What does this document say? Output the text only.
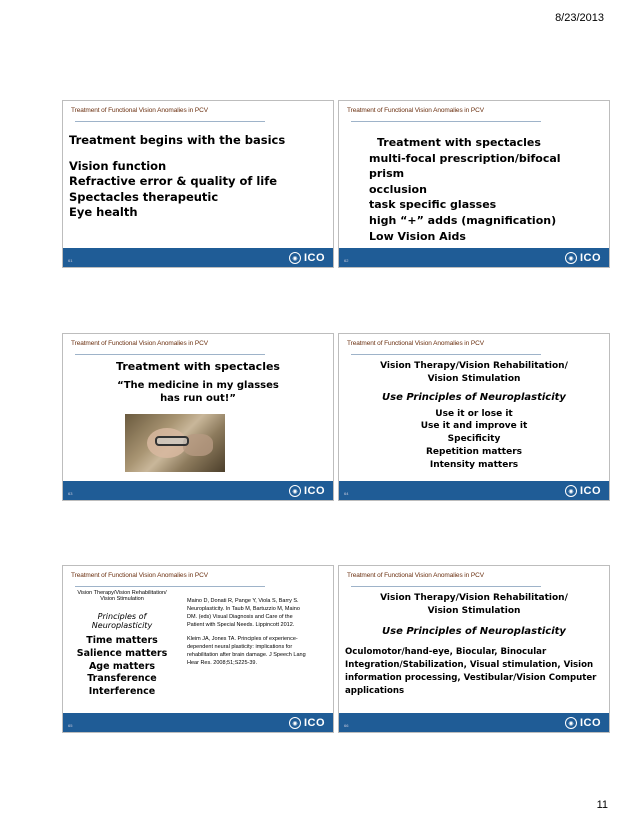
8/23/2013
Treatment of Functional Vision Anomalies in PCV
Treatment begins with the basics
Vision function
Refractive error & quality of life
Spectacles therapeutic
Eye health
61	◉ ICO
Treatment of Functional Vision Anomalies in PCV
Treatment with spectacles
multi-focal prescription/bifocal
prism
occlusion
task specific glasses
high “+” adds (magnification)
Low Vision Aids
62	◉ ICO
Treatment of Functional Vision Anomalies in PCV
Treatment with spectacles
“The medicine in my glasses
has run out!”
63	◉ ICO
Treatment of Functional Vision Anomalies in PCV
Vision Therapy/Vision Rehabilitation/
Vision Stimulation
Use Principles of Neuroplasticity
Use it or lose it
Use it and improve it
Specificity
Repetition matters
Intensity matters
64	◉ ICO
Treatment of Functional Vision Anomalies in PCV
Vision Therapy/Vision Rehabilitation/
Vision Stimulation
Principles of
Neuroplasticity
Time matters
Salience matters
Age matters
Transference
Interference
Maino D, Donati R, Pange Y, Viola S, Barry S. Neuroplasticity. In Taub M, Bartuzzio M, Maino DM. (eds) Visual Diagnosis and Care of the Patient with Special Needs. Lippincott 2012.
Kleim JA, Jones TA. Principles of experience-dependent neural plasticity: implications for rehabilitation after brain damage. J Speech Lang Hear Res. 2008;51;S225-39.
65	◉ ICO
Treatment of Functional Vision Anomalies in PCV
Vision Therapy/Vision Rehabilitation/
Vision Stimulation
Use Principles of Neuroplasticity
Oculomotor/hand-eye, Biocular, Binocular Integration/Stabilization, Visual stimulation, Vision information processing, Vestibular/Vision Computer applications
66	◉ ICO
11
